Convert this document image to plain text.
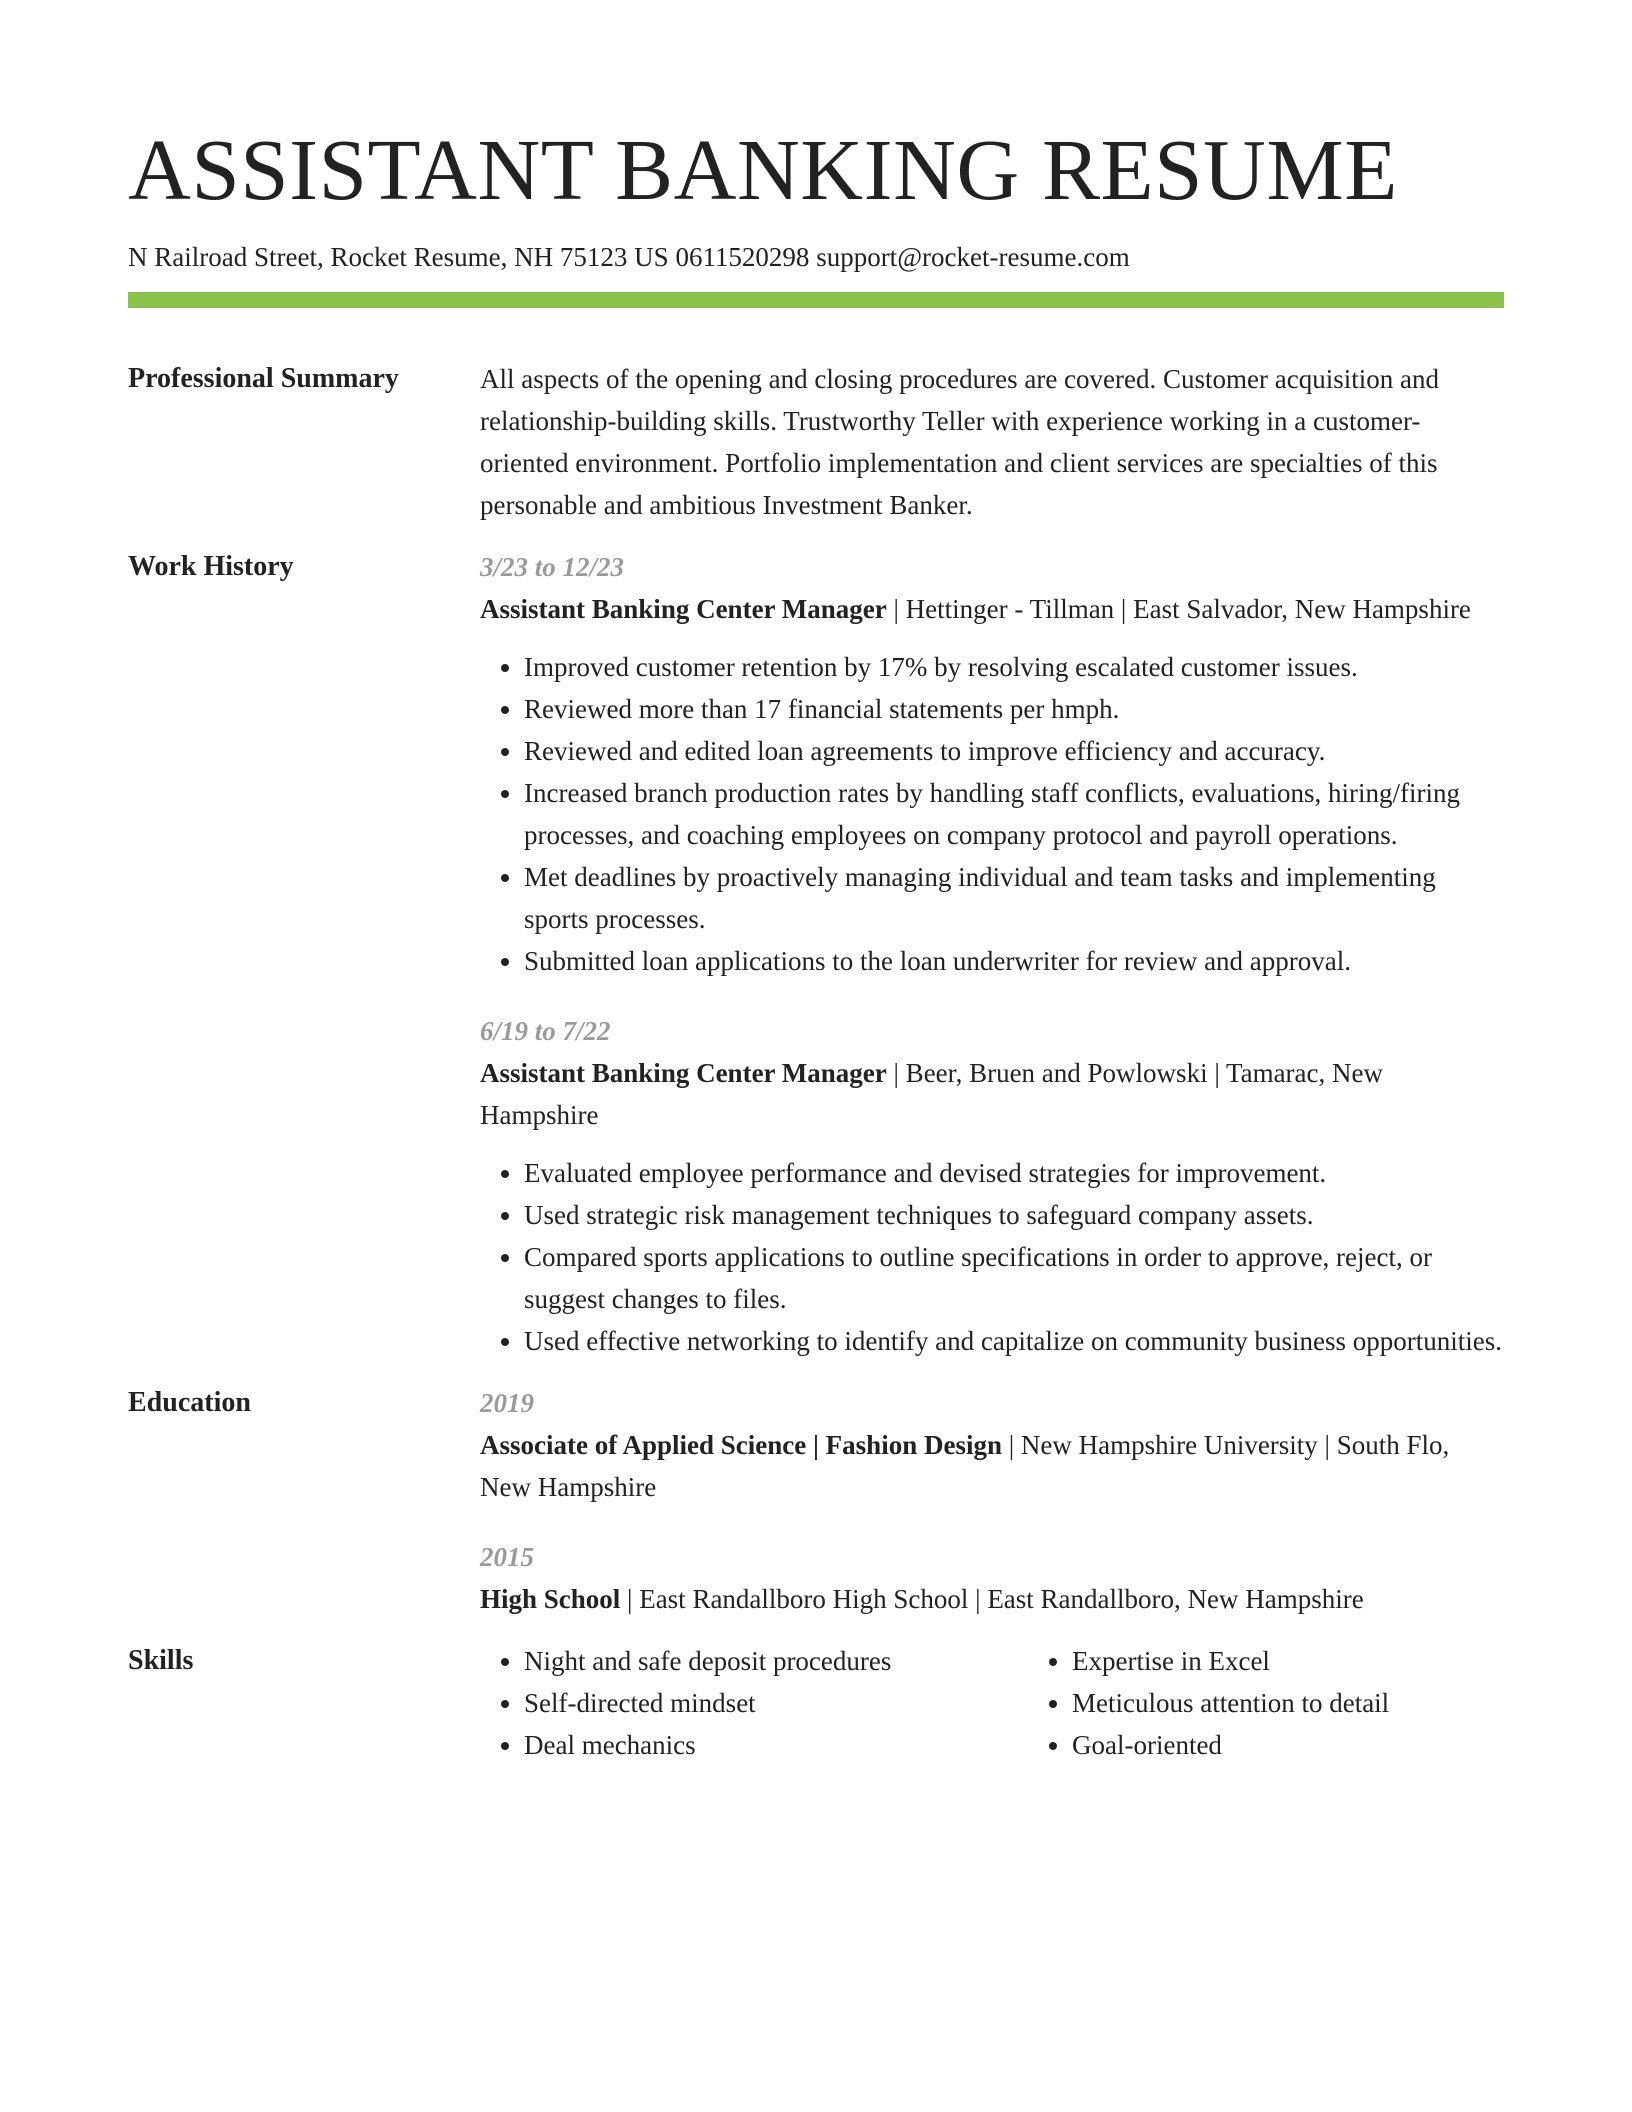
ASSISTANT BANKING RESUME
N Railroad Street, Rocket Resume, NH 75123 US 0611520298 support@rocket-resume.com
Professional Summary	All aspects of the opening and closing procedures are covered. Customer acquisition and relationship-building skills. Trustworthy Teller with experience working in a customer-oriented environment. Portfolio implementation and client services are specialties of this personable and ambitious Investment Banker.
Work History	3/23 to 12/23
Assistant Banking Center Manager | Hettinger - Tillman | East Salvador, New Hampshire
• Improved customer retention by 17% by resolving escalated customer issues.
• Reviewed more than 17 financial statements per hmph.
• Reviewed and edited loan agreements to improve efficiency and accuracy.
• Increased branch production rates by handling staff conflicts, evaluations, hiring/firing processes, and coaching employees on company protocol and payroll operations.
• Met deadlines by proactively managing individual and team tasks and implementing sports processes.
• Submitted loan applications to the loan underwriter for review and approval.
6/19 to 7/22
Assistant Banking Center Manager | Beer, Bruen and Powlowski | Tamarac, New Hampshire
• Evaluated employee performance and devised strategies for improvement.
• Used strategic risk management techniques to safeguard company assets.
• Compared sports applications to outline specifications in order to approve, reject, or suggest changes to files.
• Used effective networking to identify and capitalize on community business opportunities.
Education	2019
Associate of Applied Science | Fashion Design | New Hampshire University | South Flo, New Hampshire
2015
High School | East Randallboro High School | East Randallboro, New Hampshire
Skills
•	Night and safe deposit procedures
• Self-directed mindset
• Deal mechanics
• Expertise in Excel
• Meticulous attention to detail
• Goal-oriented
